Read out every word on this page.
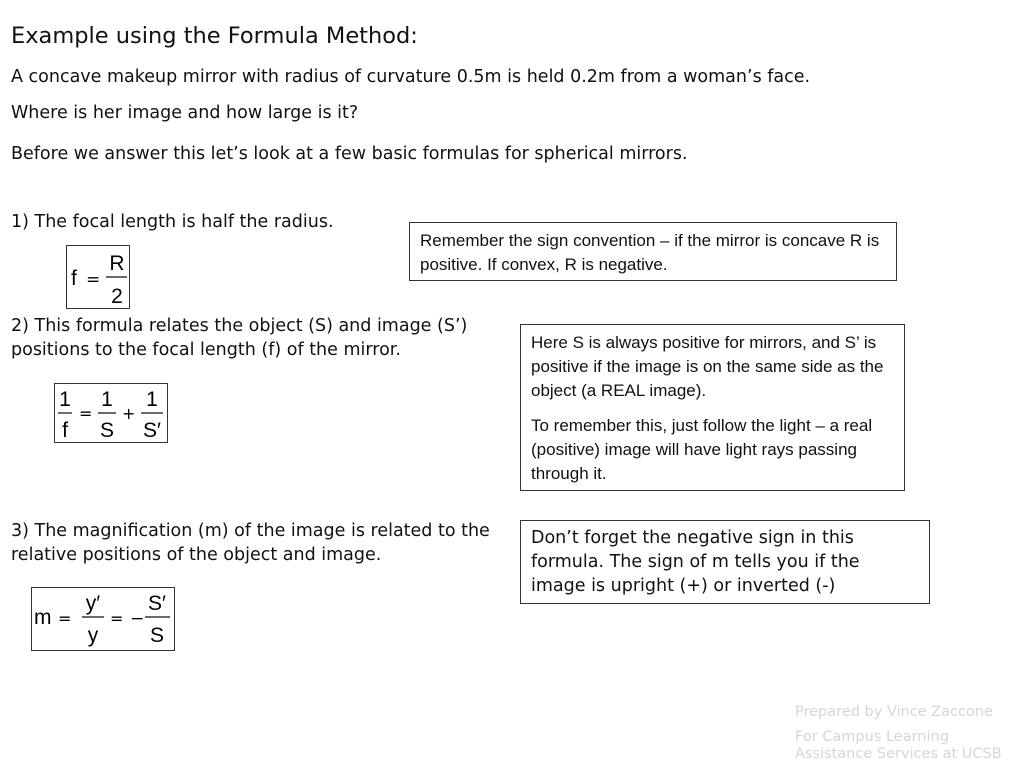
Example using the Formula Method:
A concave makeup mirror with radius of curvature 0.5m is held 0.2m from a woman’s face.
Where is her image and how large is it?
Before we answer this let’s look at a few basic formulas for spherical mirrors.
1) The focal length is half the radius.
f =
R
2

Remember the sign convention – if the mirror is concave R is positive. If convex, R is negative.

2) This formula relates the object (S) and image (S’) positions to the focal length (f) of the mirror.
1
f
=
1
S
+
1
S′

Here S is always positive for mirrors, and S’ is positive if the image is on the same side as the object (a REAL image).

To remember this, just follow the light – a real (positive) image will have light rays passing through it.

3) The magnification (m) of the image is related to the relative positions of the object and image.
m =
y′
y
= −
S′
S
Don’t forget the negative sign in this formula. The sign of m tells you if the image is upright (+) or inverted (-)
Prepared by Vince Zaccone
For Campus Learning Assistance Services at UCSB
